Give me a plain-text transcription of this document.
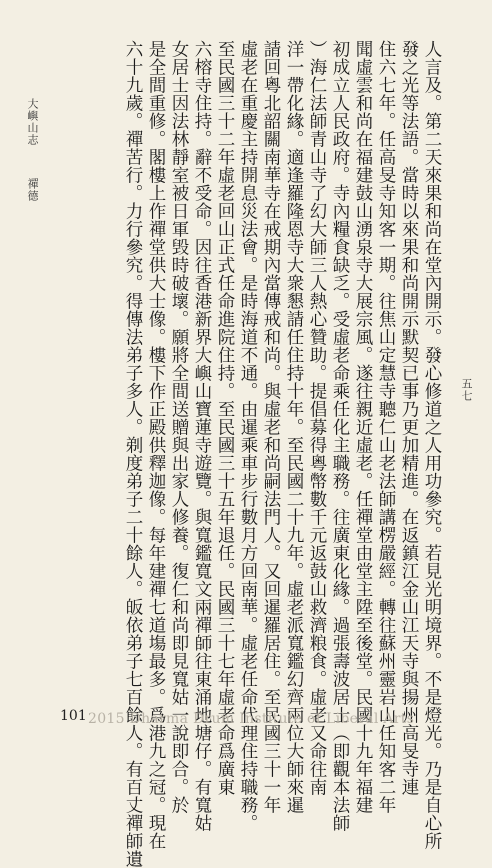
大嶼山志
禪德	人言及。第二天來果和尚在堂內開示。發心修道之人用功參究。若見光明境界。不是燈光。乃是自心所
發之光等法語。當時以來果和尚開示默契已事乃更加精進。在返鎮江金山江天寺與揚州高旻寺連
住六七年。任高旻寺知客一期。往焦山定慧寺聽仁山老法師講楞嚴經。轉往蘇州靈岩山任知客二年
聞虛雲和尚在福建鼓山湧泉寺大展宗風。遂往親近虛老。任禪堂由堂主陞至後堂。民國十九年福建
初成立人民政府。寺內糧食缺乏。受虛老命乘任化主職務。往廣東化緣。過張壽波居士（即觀本法師
）海仁法師青山寺了幻大師三人熱心贊助。提倡募得粵幣數千元返鼓山救濟粮食。虛老又命往南
洋一帶化緣。適逢羅隆恩寺大衆懇請任住持十年。至民國二十九年。虛老派寬鑑幻齊兩位大師來暹
請回粵北韶關南華寺在戒期內當傳戒和尚。與虛老和尚嗣法門人。又回暹羅居住。至民國三十一年
虛老在重慶主持開息災法會。是時海道不通。由暹乘車步行數月方回南華。虛老任命代理住持職務。
至民國三十二年虛老回山正式任命進院住持。至民國三十五年退任。民國三十七年虛老命爲廣東
六榕寺住持。辭不受命。因往香港新界大嶼山寶蓮寺遊覽。與寬鑑寬文兩禪師往東涌地塘仔。有寬姑
女居士因法林靜室被日軍毁時破壞。願將全間送贈與出家人修養。復仁和尚即見寬姑一說即合。於
是全間重修。閣樓上作禪堂供大士像。樓下作正殿供釋迦像。每年建禪七道塲最多。爲港九之冠。現在
六十九歲。禪苦行。力行參究。得傳法弟子多人。剃度弟子二十餘人。皈依弟子七百餘人。有百丈禪師遺	五七
101 2015 Dharma Drum Institute of Liberal Arts
